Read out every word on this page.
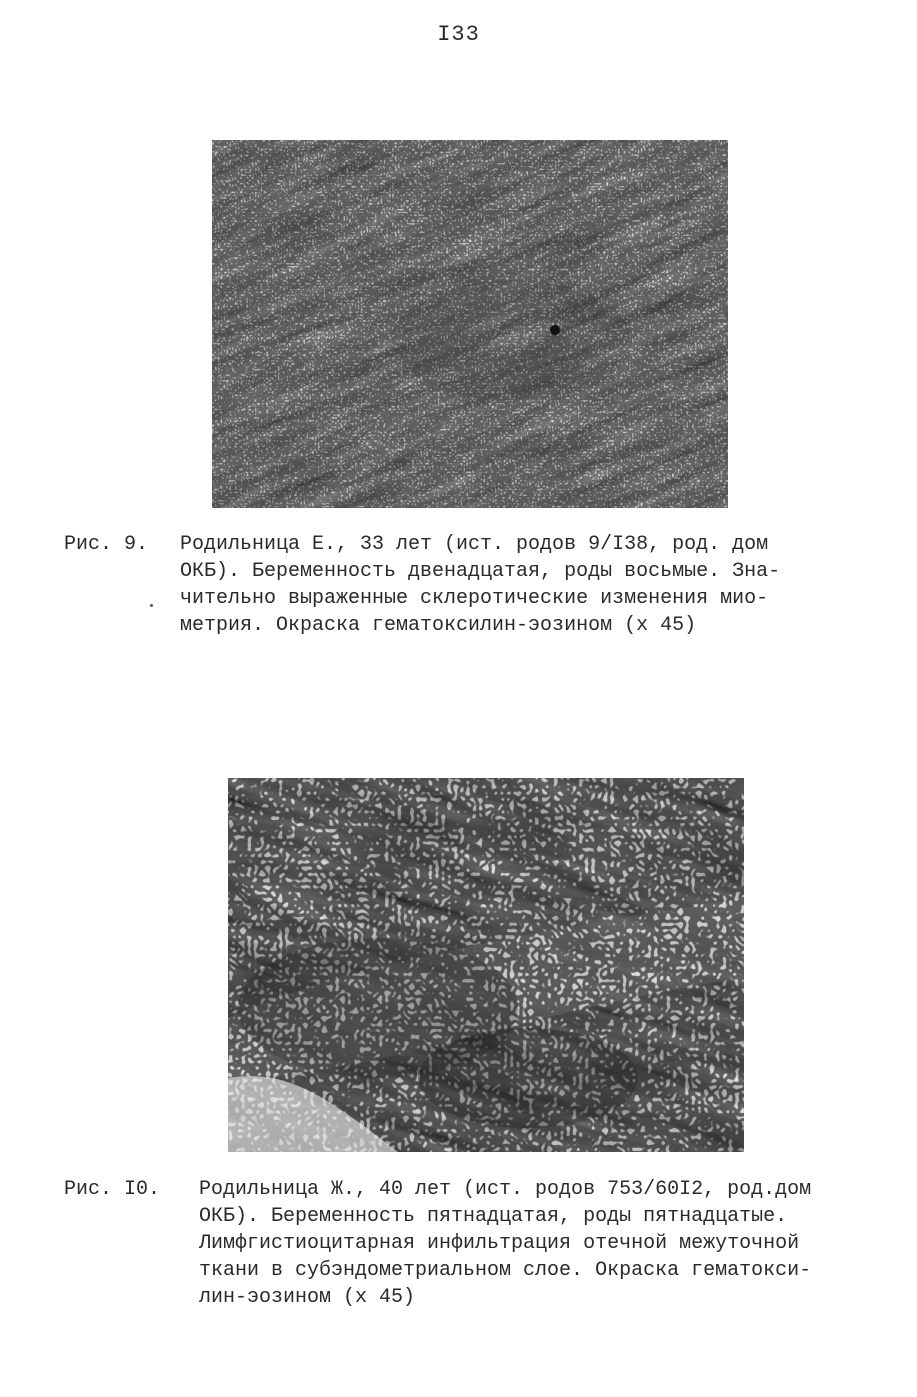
I33
Рис. 9. Родильница Е., 33 лет (ист. родов 9/I38, род. дом
ОКБ). Беременность двенадцатая, роды восьмые. Зна-
чительно выраженные склеротические изменения мио-
метрия. Окраска гематоксилин-эозином (х 45)
Рис. I0. Родильница Ж., 40 лет (ист. родов 753/60I2, род.дом
ОКБ). Беременность пятнадцатая, роды пятнадцатые.
Лимфгистиоцитарная инфильтрация отечной межуточной
ткани в субэндометриальном слое. Окраска гематокси-
лин-эозином (х 45)
